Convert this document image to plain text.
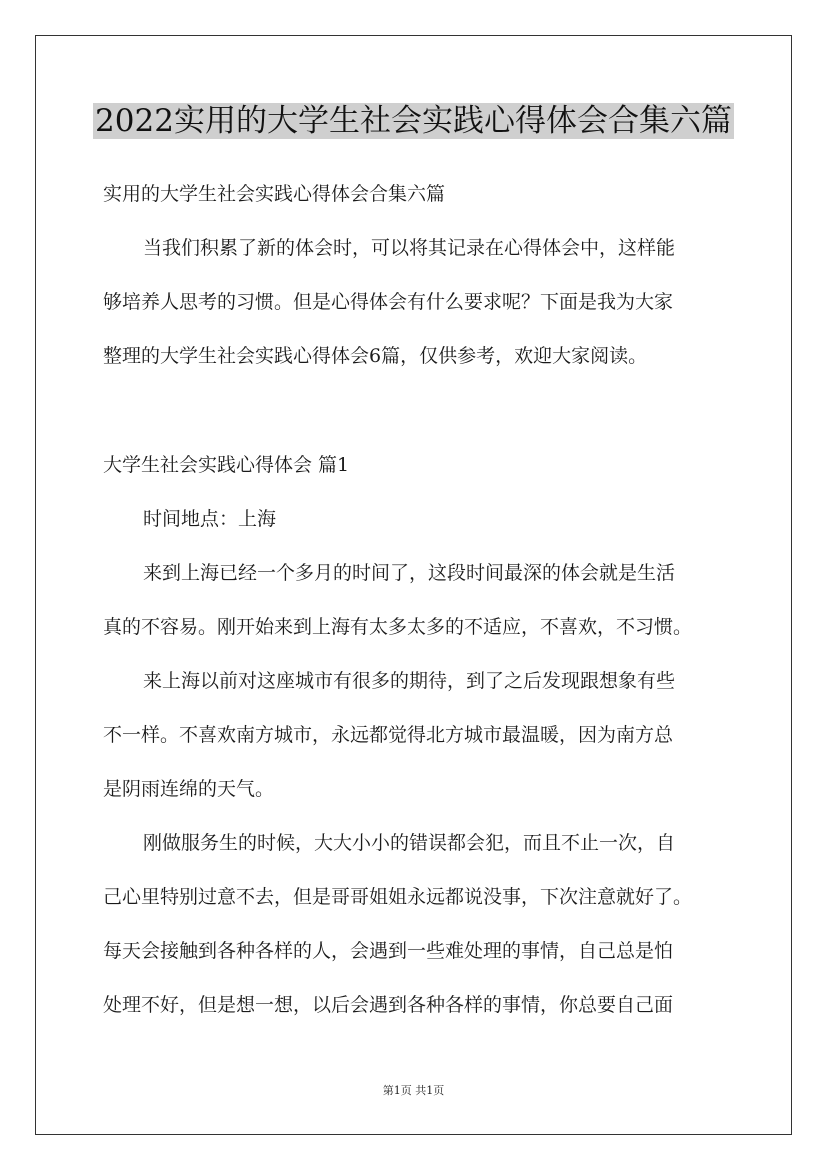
2022实用的大学生社会实践心得体会合集六篇
实用的大学生社会实践心得体会合集六篇
当我们积累了新的体会时，可以将其记录在心得体会中，这样能
够培养人思考的习惯。但是心得体会有什么要求呢？下面是我为大家
整理的大学生社会实践心得体会6篇，仅供参考，欢迎大家阅读。
大学生社会实践心得体会 篇1
时间地点：上海
来到上海已经一个多月的时间了，这段时间最深的体会就是生活
真的不容易。刚开始来到上海有太多太多的不适应，不喜欢，不习惯。
来上海以前对这座城市有很多的期待，到了之后发现跟想象有些
不一样。不喜欢南方城市，永远都觉得北方城市最温暖，因为南方总
是阴雨连绵的天气。
刚做服务生的时候，大大小小的错误都会犯，而且不止一次，自
己心里特别过意不去，但是哥哥姐姐永远都说没事，下次注意就好了。
每天会接触到各种各样的人，会遇到一些难处理的事情，自己总是怕
处理不好，但是想一想，以后会遇到各种各样的事情，你总要自己面
第1页 共1页
